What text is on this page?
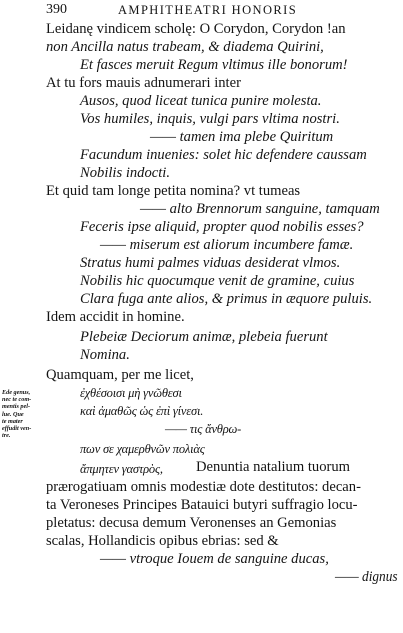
390	AMPHITHEATRI HONORIS
Ede genus,
nec te com-
mentis pel-
lue. Que
te mater
effudit ven-
tre.
Leidanę vindicem scholę: O Corydon, Corydon !an
non Ancilla natus trabeam, & diadema Quirini,
Et fasces meruit Regum vltimus ille bonorum!
At tu fors mauis adnumerari inter
Ausos, quod liceat tunica punire molesta.
Vos humiles, inquis, vulgi pars vltima nostri.
—— tamen ima plebe Quiritum
Facundum inuenies: solet hic defendere caussam
Nobilis indocti.
Et quid tam longe petita nomina? vt tumeas
—— alto Brennorum sanguine, tamquam
Feceris ipse aliquid, propter quod nobilis esses?
—— miserum est aliorum incumbere famæ.
Stratus humi palmes viduas desiderat vlmos.
Nobilis hic quocumque venit de gramine, cuius
Clara fuga ante alios, & primus in æquore puluis.
Idem accidit in homine.
Plebeiæ Deciorum animæ, plebeia fuerunt
Nomina.
Quamquam, per me licet,
ἐχθέσοισι μὴ γνῶθεσι
καὶ ἀμαθῶς ὡς ἐπὶ γίνεσι.
—— τις ἄνθρω-
πων σε χαμερθνῶν πολιὰς
ἄπμητεν γαστρὸς, Denuntia natalium tuorum
prærogatiuam omnis modestiæ dote destitutos: decan-
ta Veroneses Principes Batauici butyri suffragio locu-
pletatus: decusa demum Veronenses an Gemonias
scalas, Hollandicis opibus ebrias: sed &
—— vtroque Iouem de sanguine ducas,
—— dignus
